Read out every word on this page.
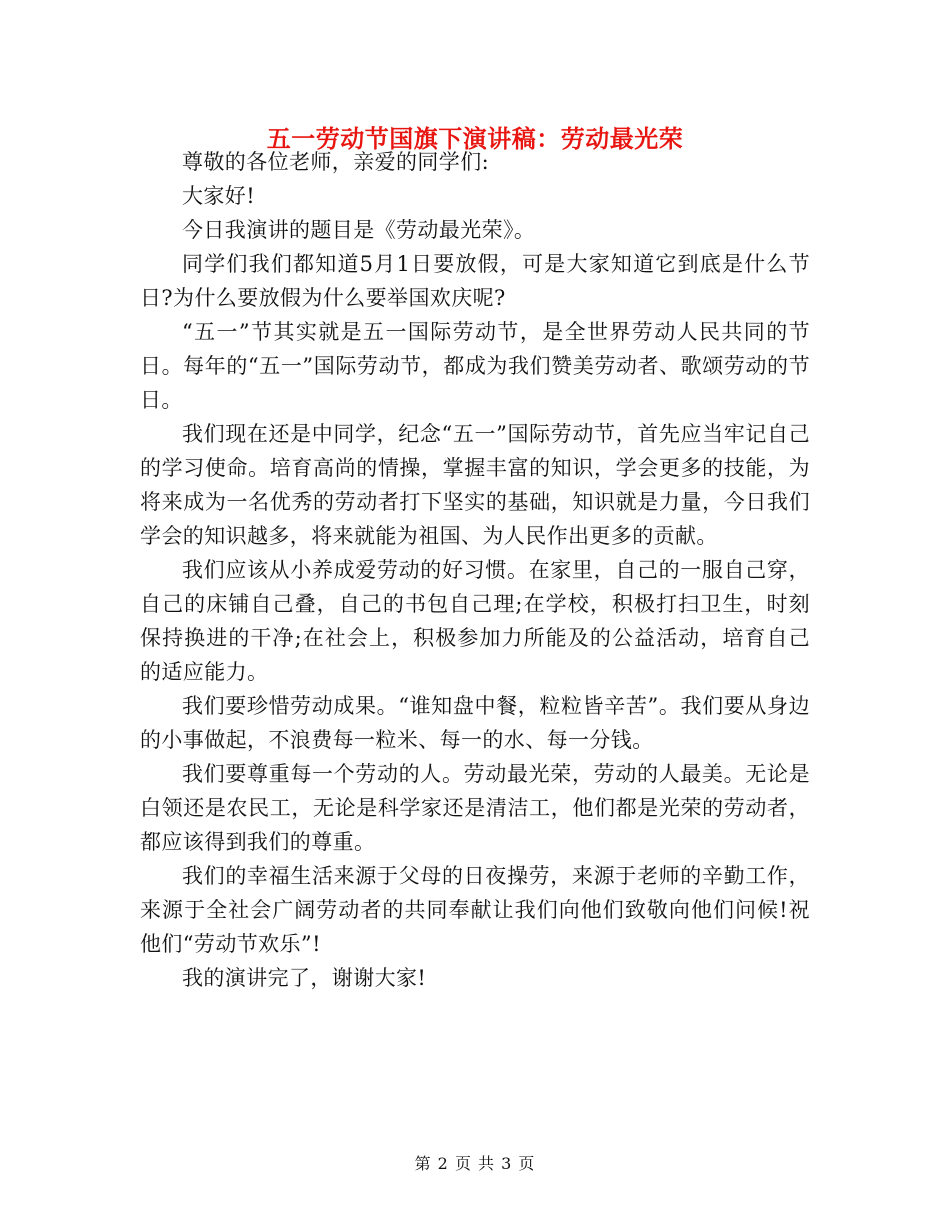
五一劳动节国旗下演讲稿：劳动最光荣

尊敬的各位老师，亲爱的同学们:

大家好!

今日我演讲的题目是《劳动最光荣》。

同学们我们都知道5月1日要放假，可是大家知道它到底是什么节日?为什么要放假为什么要举国欢庆呢?

“五一”节其实就是五一国际劳动节，是全世界劳动人民共同的节日。每年的“五一”国际劳动节，都成为我们赞美劳动者、歌颂劳动的节日。

我们现在还是中同学，纪念“五一”国际劳动节，首先应当牢记自己的学习使命。培育高尚的情操，掌握丰富的知识，学会更多的技能，为将来成为一名优秀的劳动者打下坚实的基础，知识就是力量，今日我们学会的知识越多，将来就能为祖国、为人民作出更多的贡献。

我们应该从小养成爱劳动的好习惯。在家里，自己的一服自己穿，自己的床铺自己叠，自己的书包自己理;在学校，积极打扫卫生，时刻保持换进的干净;在社会上，积极参加力所能及的公益活动，培育自己的适应能力。

我们要珍惜劳动成果。“谁知盘中餐，粒粒皆辛苦”。我们要从身边的小事做起，不浪费每一粒米、每一的水、每一分钱。

我们要尊重每一个劳动的人。劳动最光荣，劳动的人最美。无论是白领还是农民工，无论是科学家还是清洁工，他们都是光荣的劳动者，都应该得到我们的尊重。

我们的幸福生活来源于父母的日夜操劳，来源于老师的辛勤工作，来源于全社会广阔劳动者的共同奉献让我们向他们致敬向他们问候!祝他们“劳动节欢乐”!

我的演讲完了，谢谢大家!

第 2 页 共 3 页
